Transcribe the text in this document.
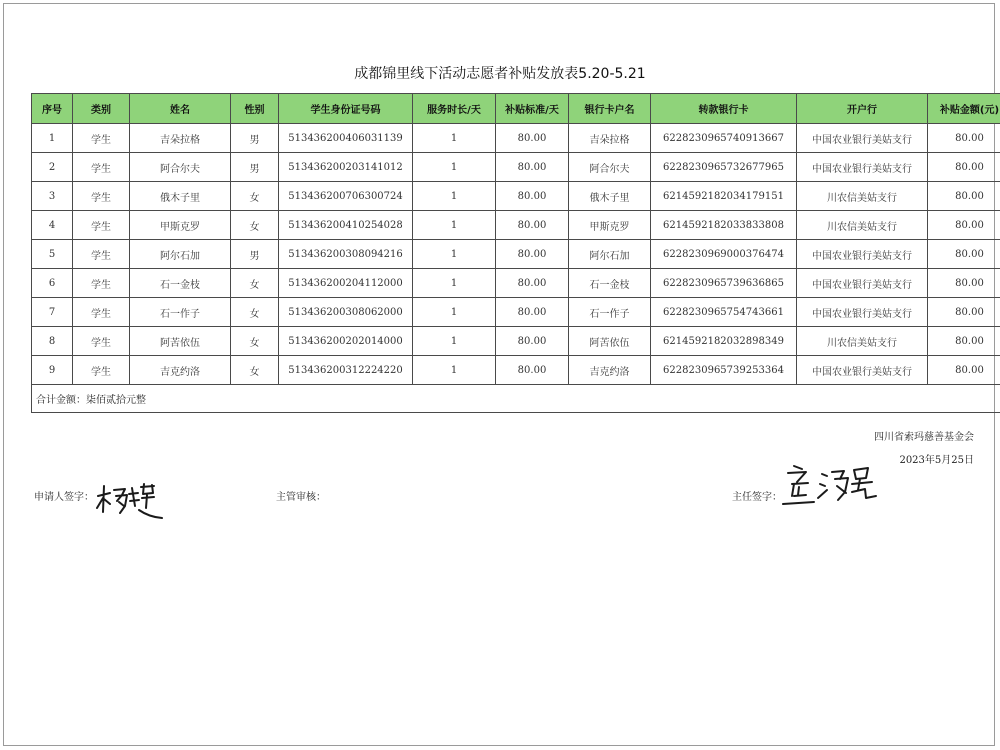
成都锦里线下活动志愿者补贴发放表5.20-5.21
序号	类别	姓名	性别	学生身份证号码	服务时长/天	补贴标准/天	银行卡户名	转款银行卡	开户行	补贴金额(元)
1	学生	吉朵拉格	男	513436200406031139	1	80.00	吉朵拉格	6228230965740913667	中国农业银行美姑支行	80.00
2	学生	阿合尔夫	男	513436200203141012	1	80.00	阿合尔夫	6228230965732677965	中国农业银行美姑支行	80.00
3	学生	俄木子里	女	513436200706300724	1	80.00	俄木子里	6214592182034179151	川农信美姑支行	80.00
4	学生	甲斯克罗	女	513436200410254028	1	80.00	甲斯克罗	6214592182033833808	川农信美姑支行	80.00
5	学生	阿尔石加	男	513436200308094216	1	80.00	阿尔石加	6228230969000376474	中国农业银行美姑支行	80.00
6	学生	石一金枝	女	513436200204112000	1	80.00	石一金枝	6228230965739636865	中国农业银行美姑支行	80.00
7	学生	石一作子	女	513436200308062000	1	80.00	石一作子	6228230965754743661	中国农业银行美姑支行	80.00
8	学生	阿苦依伍	女	513436200202014000	1	80.00	阿苦依伍	6214592182032898349	川农信美姑支行	80.00
9	学生	吉克约洛	女	513436200312224220	1	80.00	吉克约洛	6228230965739253364	中国农业银行美姑支行	80.00
合计金额：柒佰贰拾元整										
四川省索玛慈善基金会
2023年5月25日
申请人签字：	主管审核：	主任签字：
